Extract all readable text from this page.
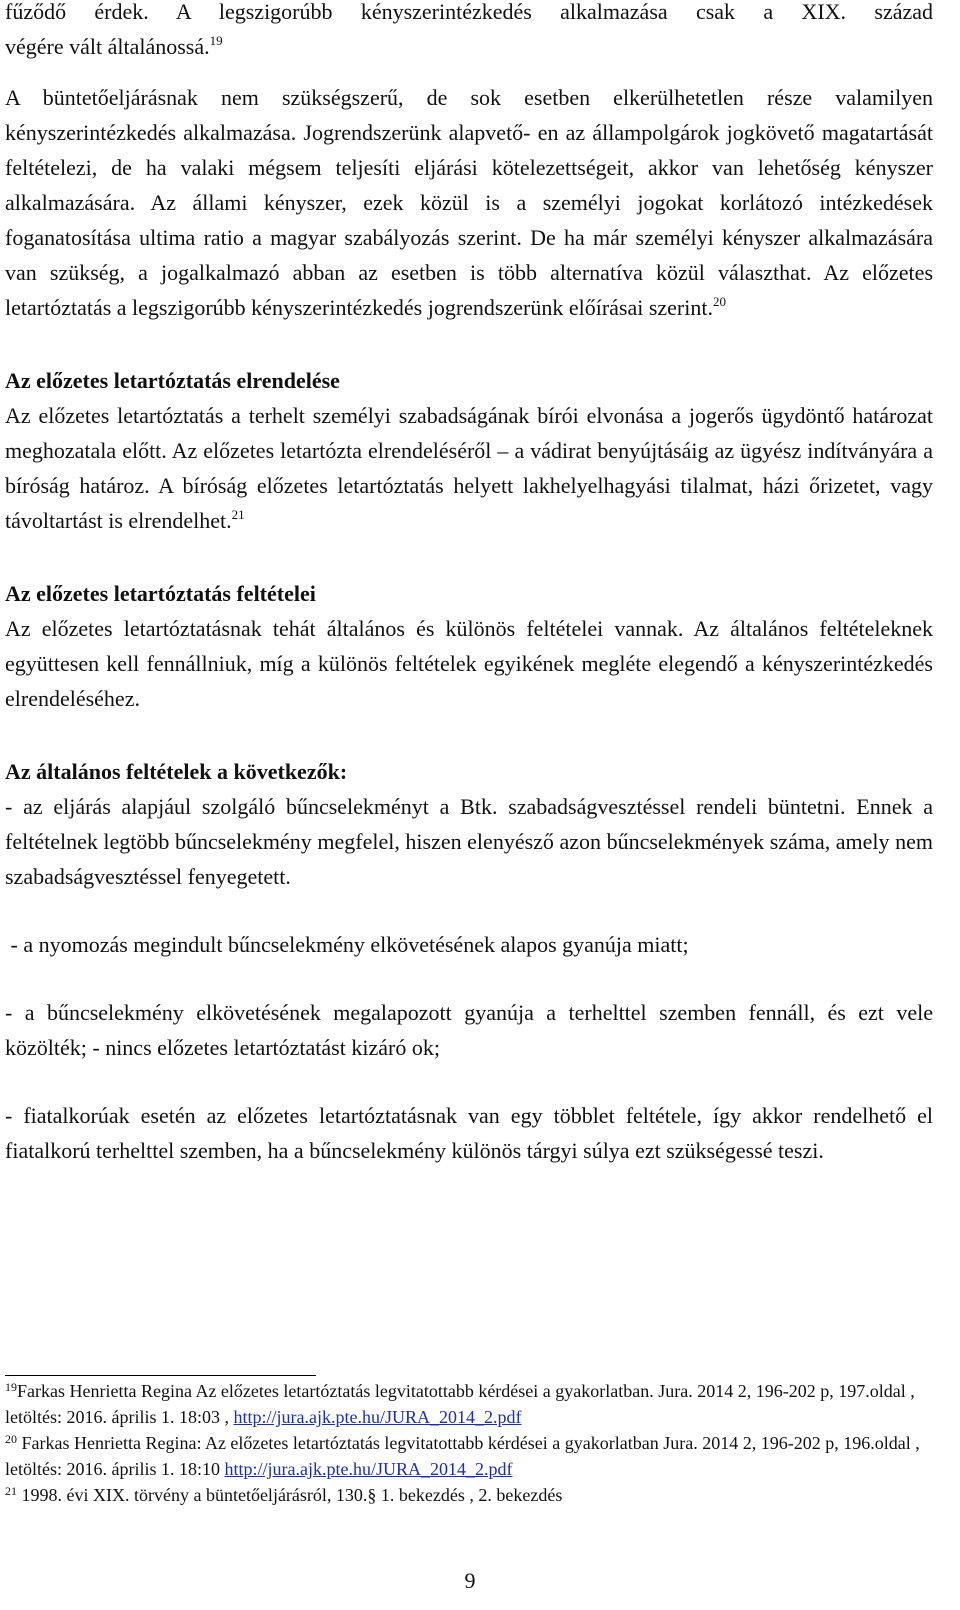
fűződő érdek. A legszigorúbb kényszerintézkedés alkalmazása csak a XIX. század

végére vált általánossá.$^{19}$

A büntetőeljárásnak nem szükségszerű, de sok esetben elkerülhetetlen része valamilyen kényszerintézkedés alkalmazása. Jogrendszerünk alapvető- en az állampolgárok jogkövető magatartását feltételezi, de ha valaki mégsem teljesíti eljárási kötelezettségeit, akkor van lehetőség kényszer alkalmazására. Az állami kényszer, ezek közül is a személyi jogokat korlátozó intézkedések foganatosítása ultima ratio a magyar szabályozás szerint. De ha már személyi kényszer alkalmazására van szükség, a jogalkalmazó abban az esetben is több alternatíva közül választhat. Az előzetes letartóztatás a legszigorúbb kényszerintézkedés jogrendszerünk előírásai szerint.$^{20}$

Az előzetes letartóztatás elrendelése

Az előzetes letartóztatás a terhelt személyi szabadságának bírói elvonása a jogerős ügydöntő határozat meghozatala előtt. Az előzetes letartózta elrendeléséről – a vádirat benyújtásáig az ügyész indítványára a bíróság határoz. A bíróság előzetes letartóztatás helyett lakhelyelhagyási tilalmat, házi őrizetet, vagy távoltartást is elrendelhet.$^{21}$

Az előzetes letartóztatás feltételei

Az előzetes letartóztatásnak tehát általános és különös feltételei vannak. Az általános feltételeknek együttesen kell fennállniuk, míg a különös feltételek egyikének megléte elegendő a kényszerintézkedés elrendeléséhez.

Az általános feltételek a következők:

- az eljárás alapjául szolgáló bűncselekményt a Btk. szabadságvesztéssel rendeli büntetni. Ennek a feltételnek legtöbb bűncselekmény megfelel, hiszen elenyésző azon bűncselekmények száma, amely nem szabadságvesztéssel fenyegetett.

- a nyomozás megindult bűncselekmény elkövetésének alapos gyanúja miatt;

- a bűncselekmény elkövetésének megalapozott gyanúja a terhelttel szemben fennáll, és ezt vele közölték; - nincs előzetes letartóztatást kizáró ok;

- fiatalkorúak esetén az előzetes letartóztatásnak van egy többlet feltétele, így akkor rendelhető el fiatalkorú terhelttel szemben, ha a bűncselekmény különös tárgyi súlya ezt szükségessé teszi.

$^{19}$Farkas Henrietta Regina Az előzetes letartóztatás legvitatottabb kérdései a gyakorlatban. Jura. 2014 2, 196-202 p, 197.oldal , letöltés: 2016. április 1. 18:03 , http://jura.ajk.pte.hu/JURA_2014_2.pdf

$^{20}$ Farkas Henrietta Regina: Az előzetes letartóztatás legvitatottabb kérdései a gyakorlatban Jura. 2014 2, 196-202 p, 196.oldal , letöltés: 2016. április 1. 18:10 http://jura.ajk.pte.hu/JURA_2014_2.pdf

$^{21}$ 1998. évi XIX. törvény a büntetőeljárásról, 130.§ 1. bekezdés , 2. bekezdés

9
